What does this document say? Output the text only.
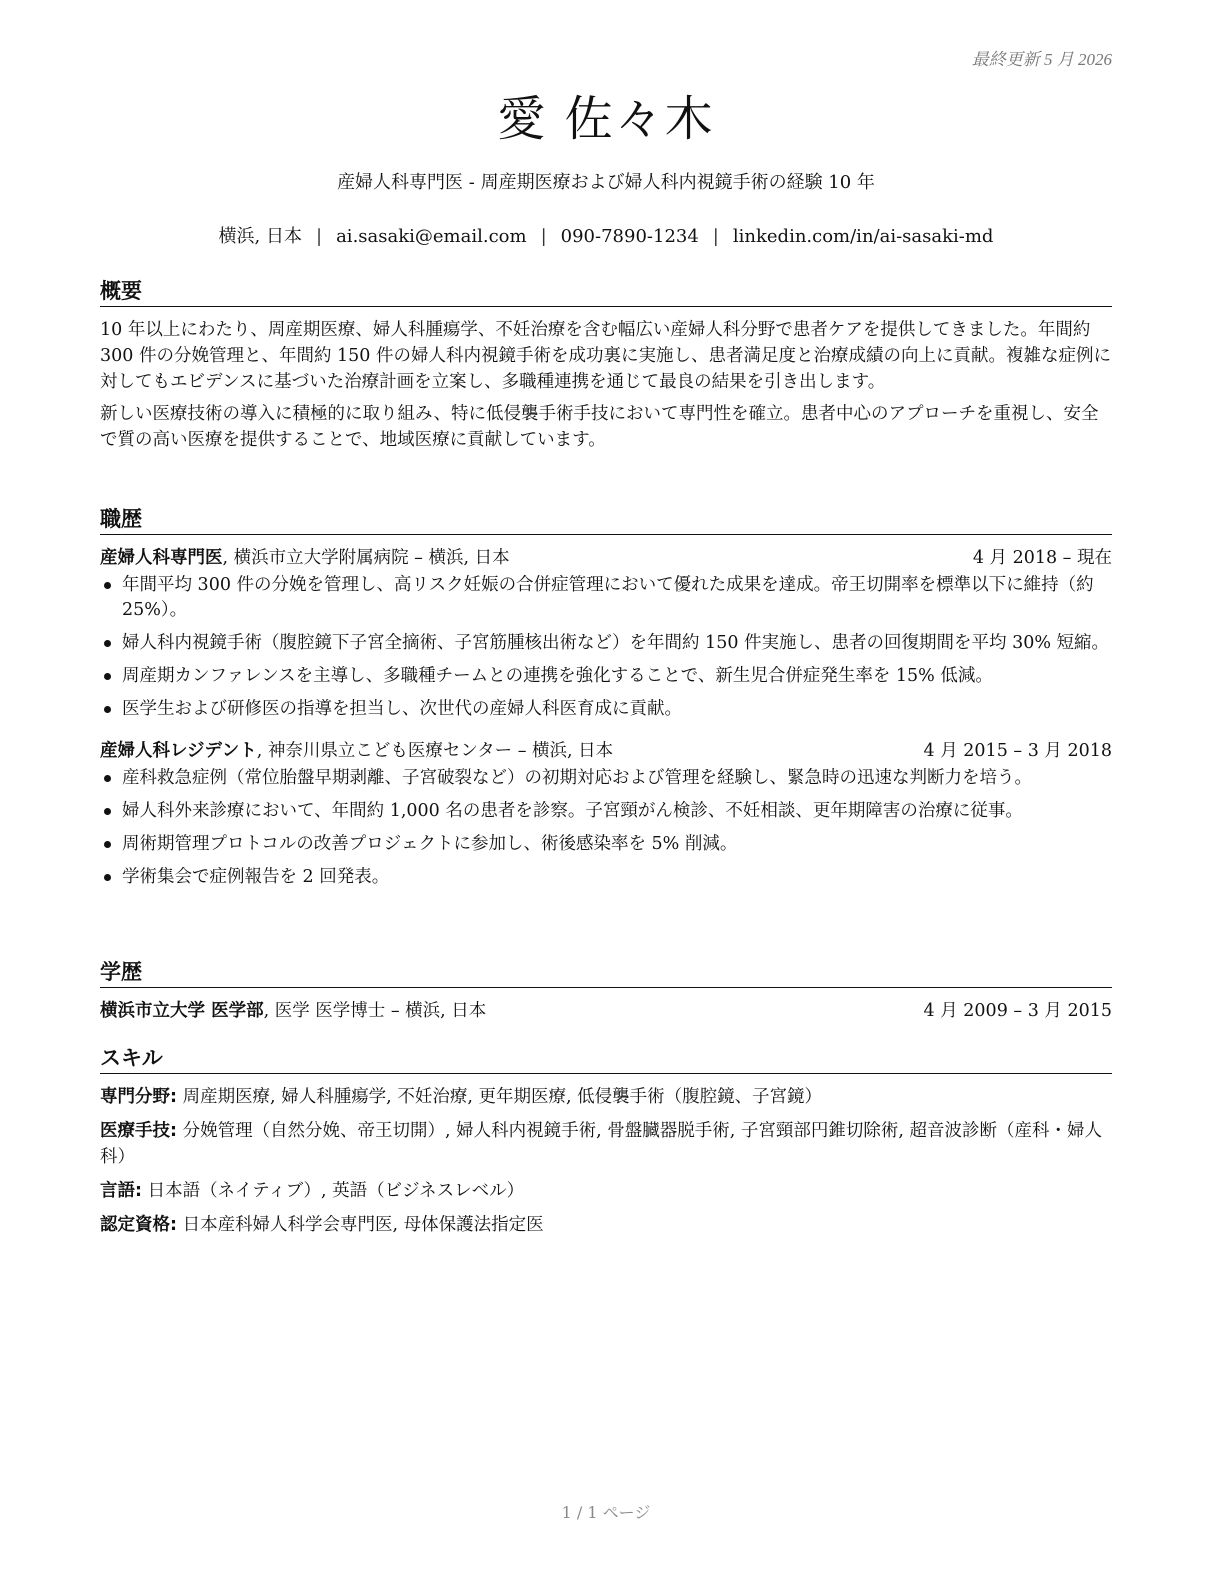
最終更新 5 月 2026
愛 佐々木
産婦人科専門医 - 周産期医療および婦人科内視鏡手術の経験 10 年
横浜, 日本 | ai.sasaki@email.com | 090-7890-1234 | linkedin.com/in/ai-sasaki-md
概要

10 年以上にわたり、周産期医療、婦人科腫瘍学、不妊治療を含む幅広い産婦人科分野で患者ケアを提供してきました。年間約 300 件の分娩管理と、年間約 150 件の婦人科内視鏡手術を成功裏に実施し、患者満足度と治療成績の向上に貢献。複雑な症例に対してもエビデンスに基づいた治療計画を立案し、多職種連携を通じて最良の結果を引き出します。

新しい医療技術の導入に積極的に取り組み、特に低侵襲手術手技において専門性を確立。患者中心のアプローチを重視し、安全で質の高い医療を提供することで、地域医療に貢献しています。

職歴
産婦人科専門医, 横浜市立大学附属病院 – 横浜, 日本	4 月 2018 – 現在
年間平均 300 件の分娩を管理し、高リスク妊娠の合併症管理において優れた成果を達成。帝王切開率を標準以下に維持（約 25%）。
婦人科内視鏡手術（腹腔鏡下子宮全摘術、子宮筋腫核出術など）を年間約 150 件実施し、患者の回復期間を平均 30% 短縮。
周産期カンファレンスを主導し、多職種チームとの連携を強化することで、新生児合併症発生率を 15% 低減。
医学生および研修医の指導を担当し、次世代の産婦人科医育成に貢献。
産婦人科レジデント, 神奈川県立こども医療センター – 横浜, 日本	4 月 2015 – 3 月 2018
産科救急症例（常位胎盤早期剥離、子宮破裂など）の初期対応および管理を経験し、緊急時の迅速な判断力を培う。
婦人科外来診療において、年間約 1,000 名の患者を診察。子宮頸がん検診、不妊相談、更年期障害の治療に従事。
周術期管理プロトコルの改善プロジェクトに参加し、術後感染率を 5% 削減。
学術集会で症例報告を 2 回発表。
学歴
横浜市立大学 医学部, 医学 医学博士 – 横浜, 日本	4 月 2009 – 3 月 2015
スキル
専門分野: 周産期医療, 婦人科腫瘍学, 不妊治療, 更年期医療, 低侵襲手術（腹腔鏡、子宮鏡）
医療手技: 分娩管理（自然分娩、帝王切開）, 婦人科内視鏡手術, 骨盤臓器脱手術, 子宮頸部円錐切除術, 超音波診断（産科・婦人科）
言語: 日本語（ネイティブ）, 英語（ビジネスレベル）
認定資格: 日本産科婦人科学会専門医, 母体保護法指定医
1 / 1 ページ
